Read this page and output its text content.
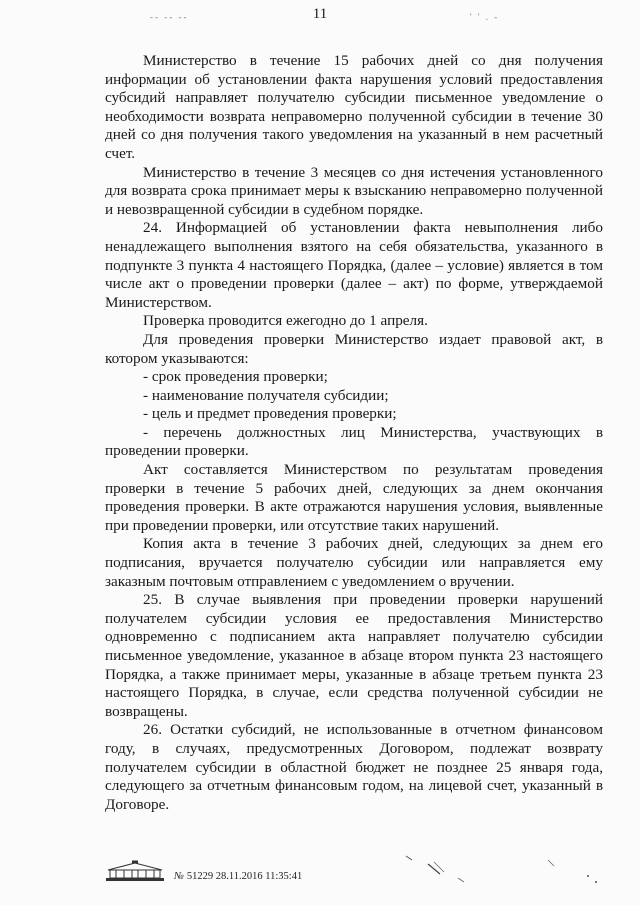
-- -- --	' ' . -
11

Министерство в течение 15 рабочих дней со дня получения информации об установлении факта нарушения условий предоставления субсидий направляет получателю субсидии письменное уведомление о необходимости возврата неправомерно полученной субсидии в течение 30 дней со дня получения такого уведомления на указанный в нем расчетный счет.

Министерство в течение 3 месяцев со дня истечения установленного для возврата срока принимает меры к взысканию неправомерно полученной и невозвращенной субсидии в судебном порядке.

24. Информацией об установлении факта невыполнения либо ненадлежащего выполнения взятого на себя обязательства, указанного в подпункте 3 пункта 4 настоящего Порядка, (далее – условие) является в том числе акт о проведении проверки (далее – акт) по форме, утверждаемой Министерством.

Проверка проводится ежегодно до 1 апреля.

Для проведения проверки Министерство издает правовой акт, в котором указываются:

- срок проведения проверки;

- наименование получателя субсидии;

- цель и предмет проведения проверки;

- перечень должностных лиц Министерства, участвующих в проведении проверки.

Акт составляется Министерством по результатам проведения проверки в течение 5 рабочих дней, следующих за днем окончания проведения проверки. В акте отражаются нарушения условия, выявленные при проведении проверки, или отсутствие таких нарушений.

Копия акта в течение 3 рабочих дней, следующих за днем его подписания, вручается получателю субсидии или направляется ему заказным почтовым отправлением с уведомлением о вручении.

25. В случае выявления при проведении проверки нарушений получателем субсидии условия ее предоставления Министерство одновременно с подписанием акта направляет получателю субсидии письменное уведомление, указанное в абзаце втором пункта 23 настоящего Порядка, а также принимает меры, указанные в абзаце третьем пункта 23 настоящего Порядка, в случае, если средства полученной субсидии не возвращены.

26. Остатки субсидий, не использованные в отчетном финансовом году, в случаях, предусмотренных Договором, подлежат возврату получателем субсидии в областной бюджет не позднее 25 января года, следующего за отчетным финансовым годом, на лицевой счет, указанный в Договоре.

№ 51229 28.11.2016 11:35:41
